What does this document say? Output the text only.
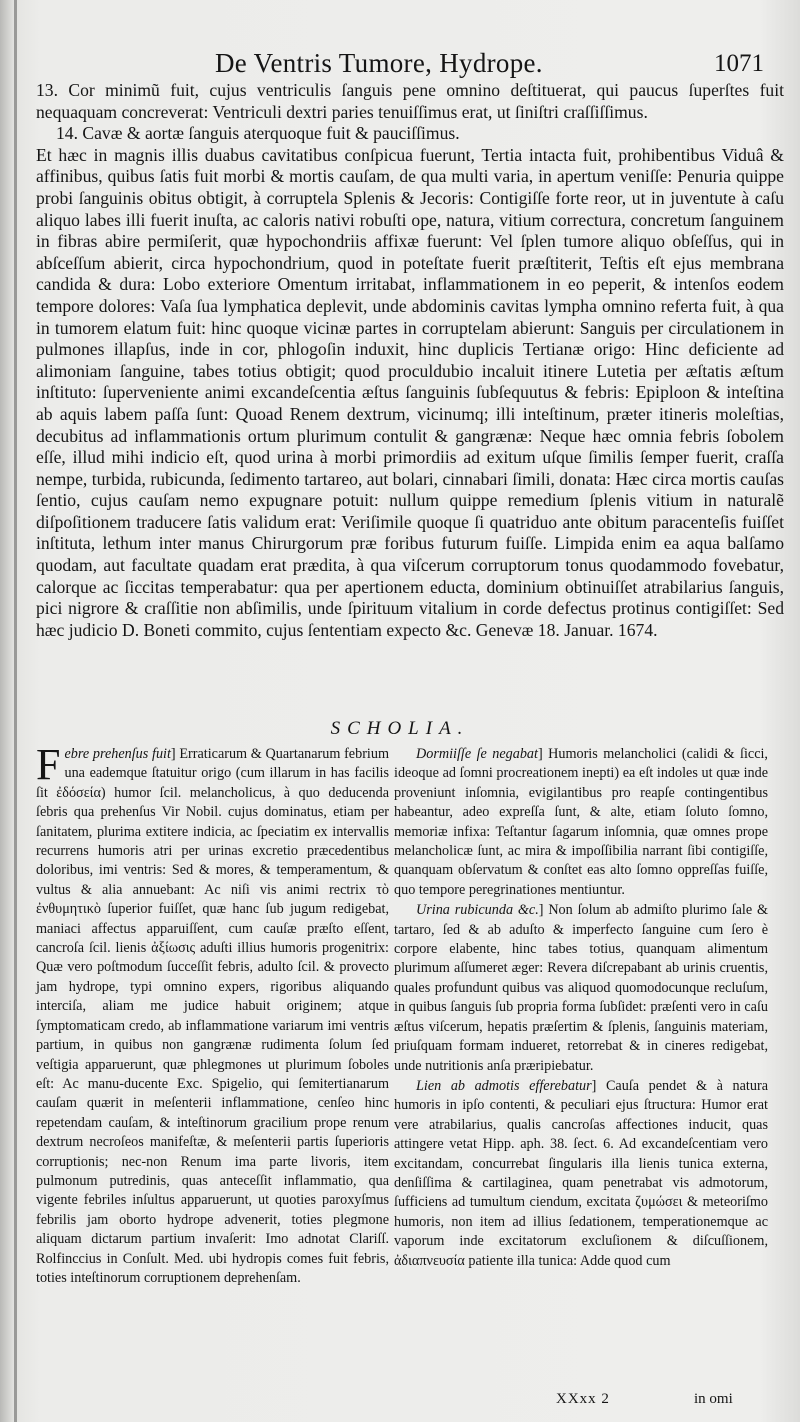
De Ventris Tumore, Hydrope.	1071

13. Cor minimũ fuit, cujus ventriculis ſanguis pene omnino deſtituerat, qui paucus ſuperſtes fuit nequaquam concreverat: Ventriculi dextri paries tenuiſſimus erat, ut ſiniſtri craſſiſſimus.

14. Cavæ & aortæ ſanguis aterquoque fuit & pauciſſimus.

Et hæc in magnis illis duabus cavitatibus conſpicua fuerunt, Tertia intacta fuit, prohibentibus Viduâ & affinibus, quibus ſatis fuit morbi & mortis cauſam, de qua multi varia, in apertum veniſſe: Penuria quippe probi ſanguinis obitus obtigit, à corruptela Splenis & Jecoris: Contigiſſe forte reor, ut in juventute à caſu aliquo labes illi fuerit inuſta, ac caloris nativi robuſti ope, natura, vitium correctura, concretum ſanguinem in fibras abire permiſerit, quæ hypochondriis affixæ fuerunt: Vel ſplen tumore aliquo obſeſſus, qui in abſceſſum abierit, circa hypochondrium, quod in poteſtate fuerit præſtiterit, Teſtis eſt ejus membrana candida & dura: Lobo exteriore Omentum irritabat, inflammationem in eo peperit, & intenſos eodem tempore dolores: Vaſa ſua lymphatica deplevit, unde abdominis cavitas lympha omnino referta fuit, à qua in tumorem elatum fuit: hinc quoque vicinæ partes in corruptelam abierunt: Sanguis per circulationem in pulmones illapſus, inde in cor, phlogoſin induxit, hinc duplicis Tertianæ origo: Hinc deficiente ad alimoniam ſanguine, tabes totius obtigit; quod proculdubio incaluit itinere Lutetia per æſtatis æſtum inſtituto: ſuperveniente animi excandeſcentia æſtus ſanguinis ſubſequutus & febris: Epiploon & inteſtina ab aquis labem paſſa ſunt: Quoad Renem dextrum, vicinumq; illi inteſtinum, præter itineris moleſtias, decubitus ad inflammationis ortum plurimum contulit & gangrænæ: Neque hæc omnia febris ſobolem eſſe, illud mihi indicio eſt, quod urina à morbi primordiis ad exitum uſque ſimilis ſemper fuerit, craſſa nempe, turbida, rubicunda, ſedimento tartareo, aut bolari, cinnabari ſimili, donata: Hæc circa mortis cauſas ſentio, cujus cauſam nemo expugnare potuit: nullum quippe remedium ſplenis vitium in naturalẽ diſpoſitionem traducere ſatis validum erat: Veriſimile quoque ſi quatriduo ante obitum paracenteſis fuiſſet inſtituta, lethum inter manus Chirurgorum præ foribus futurum fuiſſe. Limpida enim ea aqua balſamo quodam, aut facultate quadam erat prædita, à qua viſcerum corruptorum tonus quodammodo fovebatur, calorque ac ſiccitas temperabatur: qua per apertionem educta, dominium obtinuiſſet atrabilarius ſanguis, pici nigrore & craſſitie non abſimilis, unde ſpirituum vitalium in corde defectus protinus contigiſſet: Sed hæc judicio D. Boneti commito, cujus ſententiam expecto &c. Genevæ 18. Januar. 1674.

SCHOLIA.

Febre prehenſus fuit] Erraticarum & Quartanarum febrium una eademque ſtatuitur origo (cum illarum in has facilis ſit ἐδόσεία) humor ſcil. melancholicus, à quo deducenda ſebris qua prehenſus Vir Nobil. cujus dominatus, etiam per ſanitatem, plurima extitere indicia, ac ſpeciatim ex intervallis recurrens humoris atri per urinas excretio præcedentibus doloribus, imi ventris: Sed & mores, & temperamentum, & vultus & alia annuebant: Ac niſi vis animi rectrix τὸ ἐνθυμητικὸ ſuperior fuiſſet, quæ hanc ſub jugum redigebat, maniaci affectus apparuiſſent, cum cauſæ præſto eſſent, cancroſa ſcil. lienis ἀξίωσις aduſti illius humoris progenitrix: Quæ vero poſtmodum ſucceſſit febris, adulto ſcil. & provecto jam hydrope, typi omnino expers, rigoribus aliquando interciſa, aliam me judice habuit originem; atque ſymptomaticam credo, ab inflammatione variarum imi ventris partium, in quibus non gangrænæ rudimenta ſolum ſed veſtigia apparuerunt, quæ phlegmones ut plurimum ſoboles eſt: Ac manu-ducente Exc. Spigelio, qui ſemitertianarum cauſam quærit in meſenterii inflammatione, cenſeo hinc repetendam cauſam, & inteſtinorum gracilium prope renum dextrum necroſeos manifeſtæ, & meſenterii partis ſuperioris corruptionis; nec-non Renum ima parte livoris, item pulmonum putredinis, quas anteceſſit inflammatio, qua vigente febriles inſultus apparuerunt, ut quoties paroxyſmus febrilis jam oborto hydrope advenerit, toties plegmone aliquam dictarum partium invaſerit: Imo adnotat Clariſſ. Rolfinccius in Conſult. Med. ubi hydropis comes fuit febris, toties inteſtinorum corruptionem deprehenſam.

Dormiiſſe ſe negabat] Humoris melancholici (calidi & ſicci, ideoque ad ſomni procreationem inepti) ea eſt indoles ut quæ inde proveniunt inſomnia, evigilantibus pro reapſe contingentibus habeantur, adeo expreſſa ſunt, & alte, etiam ſoluto ſomno, memoriæ infixa: Teſtantur ſagarum inſomnia, quæ omnes prope melancholicæ ſunt, ac mira & impoſſibilia narrant ſibi contigiſſe, quanquam obſervatum & conſtet eas alto ſomno oppreſſas fuiſſe, quo tempore peregrinationes mentiuntur.

Urina rubicunda &c.] Non ſolum ab admiſto plurimo ſale & tartaro, ſed & ab aduſto & imperfecto ſanguine cum ſero è corpore elabente, hinc tabes totius, quanquam alimentum plurimum aſſumeret æger: Revera diſcrepabant ab urinis cruentis, quales profundunt quibus vas aliquod quomodocunque recluſum, in quibus ſanguis ſub propria forma ſubſidet: præſenti vero in caſu æſtus viſcerum, hepatis præſertim & ſplenis, ſanguinis materiam, priuſquam formam indueret, retorrebat & in cineres redigebat, unde nutritionis anſa præripiebatur.

Lien ab admotis efferebatur] Cauſa pendet & à natura humoris in ipſo contenti, & peculiari ejus ſtructura: Humor erat vere atrabilarius, qualis cancroſas affectiones inducit, quas attingere vetat Hipp. aph. 38. ſect. 6. Ad excandeſcentiam vero excitandam, concurrebat ſingularis illa lienis tunica externa, denſiſſima & cartilaginea, quam penetrabat vis admotorum, ſufficiens ad tumultum ciendum, excitata ζυμώσει & meteoriſmo humoris, non item ad illius ſedationem, temperationemque ac vaporum inde excitatorum excluſionem & diſcuſſionem, ἀδιαπνευσία patiente illa tunica: Adde quod cum

XXxx 2	in omi
